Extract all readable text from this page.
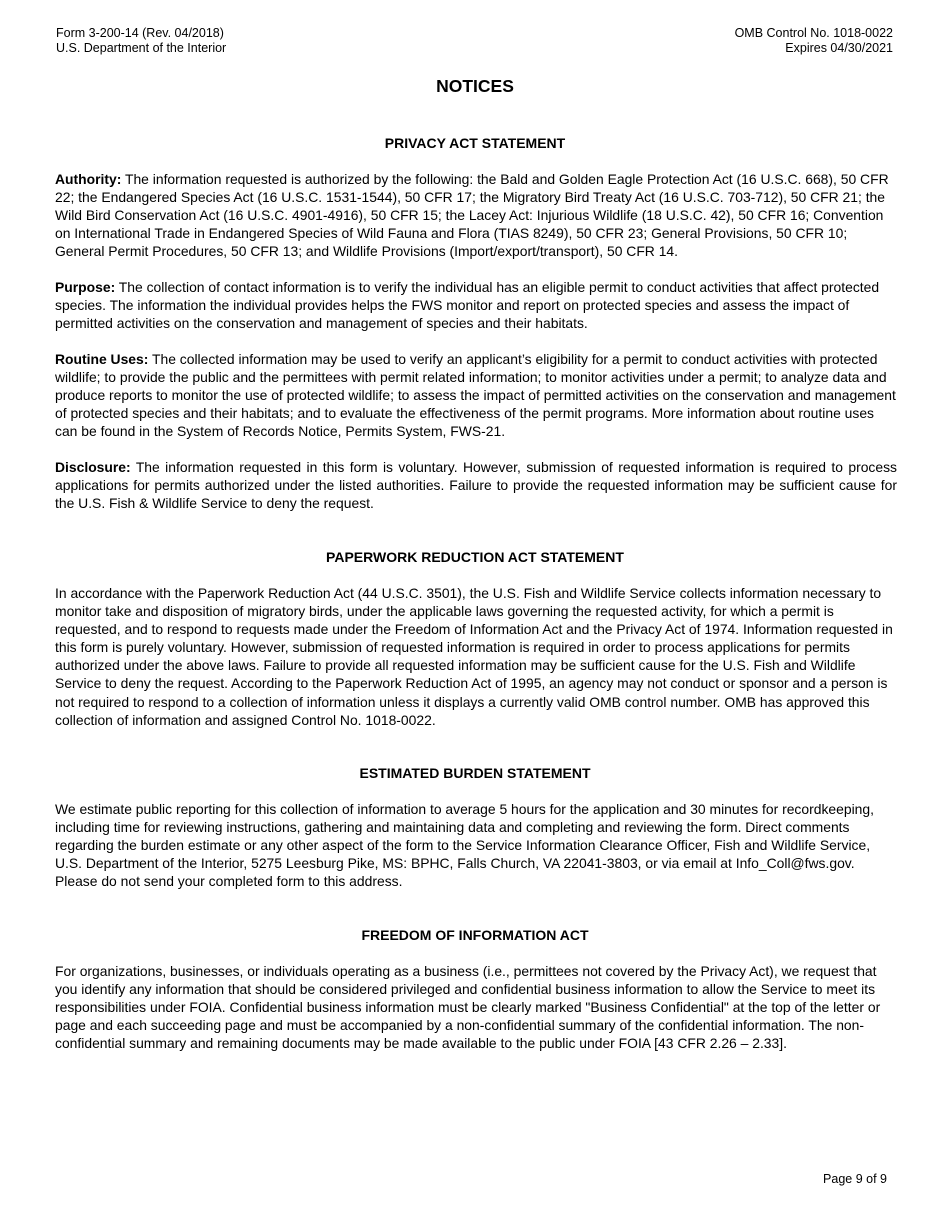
Form 3-200-14 (Rev. 04/2018)
U.S. Department of the Interior
OMB Control No. 1018-0022
Expires 04/30/2021
NOTICES
PRIVACY ACT STATEMENT

Authority: The information requested is authorized by the following: the Bald and Golden Eagle Protection Act (16 U.S.C. 668), 50 CFR 22; the Endangered Species Act (16 U.S.C. 1531-1544), 50 CFR 17; the Migratory Bird Treaty Act (16 U.S.C. 703-712), 50 CFR 21; the Wild Bird Conservation Act (16 U.S.C. 4901-4916), 50 CFR 15; the Lacey Act: Injurious Wildlife (18 U.S.C. 42), 50 CFR 16; Convention on International Trade in Endangered Species of Wild Fauna and Flora (TIAS 8249), 50 CFR 23; General Provisions, 50 CFR 10; General Permit Procedures, 50 CFR 13; and Wildlife Provisions (Import/export/transport), 50 CFR 14.

Purpose: The collection of contact information is to verify the individual has an eligible permit to conduct activities that affect protected species. The information the individual provides helps the FWS monitor and report on protected species and assess the impact of permitted activities on the conservation and management of species and their habitats.

Routine Uses: The collected information may be used to verify an applicant’s eligibility for a permit to conduct activities with protected wildlife; to provide the public and the permittees with permit related information; to monitor activities under a permit; to analyze data and produce reports to monitor the use of protected wildlife; to assess the impact of permitted activities on the conservation and management of protected species and their habitats; and to evaluate the effectiveness of the permit programs. More information about routine uses can be found in the System of Records Notice, Permits System, FWS-21.

Disclosure: The information requested in this form is voluntary. However, submission of requested information is required to process applications for permits authorized under the listed authorities. Failure to provide the requested information may be sufficient cause for the U.S. Fish & Wildlife Service to deny the request.

PAPERWORK REDUCTION ACT STATEMENT

In accordance with the Paperwork Reduction Act (44 U.S.C. 3501), the U.S. Fish and Wildlife Service collects information necessary to monitor take and disposition of migratory birds, under the applicable laws governing the requested activity, for which a permit is requested, and to respond to requests made under the Freedom of Information Act and the Privacy Act of 1974. Information requested in this form is purely voluntary. However, submission of requested information is required in order to process applications for permits authorized under the above laws. Failure to provide all requested information may be sufficient cause for the U.S. Fish and Wildlife Service to deny the request. According to the Paperwork Reduction Act of 1995, an agency may not conduct or sponsor and a person is not required to respond to a collection of information unless it displays a currently valid OMB control number. OMB has approved this collection of information and assigned Control No. 1018-0022.

ESTIMATED BURDEN STATEMENT

We estimate public reporting for this collection of information to average 5 hours for the application and 30 minutes for recordkeeping, including time for reviewing instructions, gathering and maintaining data and completing and reviewing the form. Direct comments regarding the burden estimate or any other aspect of the form to the Service Information Clearance Officer, Fish and Wildlife Service, U.S. Department of the Interior, 5275 Leesburg Pike, MS: BPHC, Falls Church, VA 22041-3803, or via email at Info_Coll@fws.gov. Please do not send your completed form to this address.

FREEDOM OF INFORMATION ACT

For organizations, businesses, or individuals operating as a business (i.e., permittees not covered by the Privacy Act), we request that you identify any information that should be considered privileged and confidential business information to allow the Service to meet its responsibilities under FOIA. Confidential business information must be clearly marked "Business Confidential" at the top of the letter or page and each succeeding page and must be accompanied by a non-confidential summary of the confidential information. The non-confidential summary and remaining documents may be made available to the public under FOIA [43 CFR 2.26 – 2.33].

Page 9 of 9
